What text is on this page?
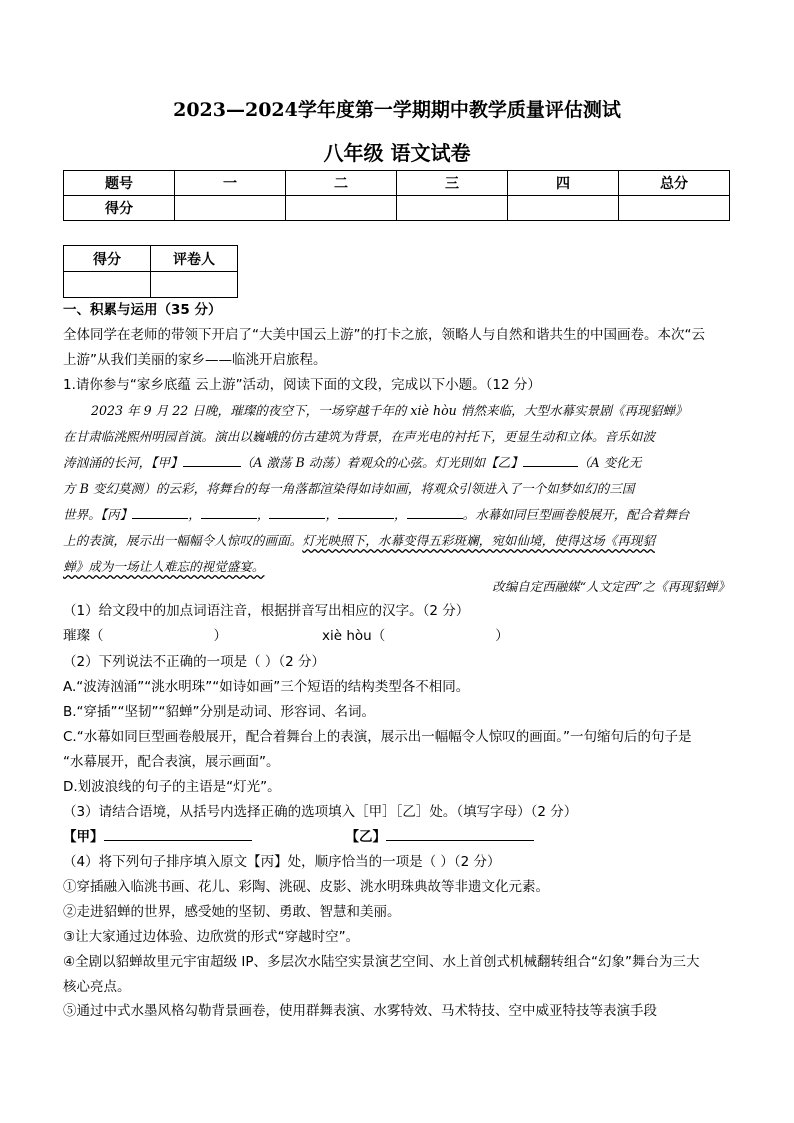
2023—2024学年度第一学期期中教学质量评估测试
八年级 语文试卷
题号	一	二	三	四	总分
得分					
得分	评卷人

一、积累与运用（35 分）
全体同学在老师的带领下开启了“大美中国云上游”的打卡之旅，领略人与自然和谐共生的中国画卷。本次“云
上游”从我们美丽的家乡——临洮开启旅程。
1.请你参与“家乡底蕴 云上游”活动，阅读下面的文段，完成以下小题。（12 分）
2023 年 9 月 22 日晚，璀璨的夜空下，一场穿越千年的 xiè hòu 悄然来临，大型水幕实景剧《再现貂蝉》
在甘肃临洮熙州明园首演。演出以巍峨的仿古建筑为背景，在声光电的衬托下，更显生动和立体。音乐如波
涛汹涌的长河，【甲】	（A 激荡 B 动荡）着观众的心弦。灯光則如【乙】	（A 变化无
方 B 变幻莫测）的云彩，将舞台的每一角落都渲染得如诗如画，将观众引领进入了一个如梦如幻的三国
世界。【丙】	，	，	，	，	。水幕如同巨型画卷般展开，配合着舞台
上的表演，展示出一幅幅令人惊叹的画面。灯光映照下，水幕变得五彩斑斓，宛如仙境，使得这场《再现貂
蝉》成为一场让人难忘的视觉盛宴。
改编自定西融媒“人文定西”之《再现貂蝉》
（1）给文段中的加点词语注音，根据拼音写出相应的汉字。（2 分）
璀璨（	）	xiè hòu（	）
（2）下列说法不正确的一项是（ ）（2 分）
A.“波涛汹涌”“洮水明珠”“如诗如画”三个短语的结构类型各不相同。
B.“穿插”“坚韧”“貂蝉”分别是动词、形容词、名词。
C.“水幕如同巨型画卷般展开，配合着舞台上的表演，展示出一幅幅令人惊叹的画面。”一句缩句后的句子是
“水幕展开，配合表演，展示画面”。
D.划波浪线的句子的主语是“灯光”。
（3）请结合语境，从括号内选择正确的选项填入［甲］［乙］处。（填写字母）（2 分）
【甲】	【乙】
（4）将下列句子排序填入原文【丙】处，顺序恰当的一项是（ ）（2 分）
①穿插融入临洮书画、花儿、彩陶、洮砚、皮影、洮水明珠典故等非遗文化元素。
②走进貂蝉的世界，感受她的坚韧、勇敢、智慧和美丽。
③让大家通过边体验、边欣赏的形式“穿越时空”。
④全剧以貂蝉故里元宇宙超级 IP、多层次水陆空实景演艺空间、水上首创式机械翻转组合“幻象”舞台为三大
核心亮点。
⑤通过中式水墨风格勾勒背景画卷，使用群舞表演、水雾特效、马术特技、空中威亚特技等表演手段
